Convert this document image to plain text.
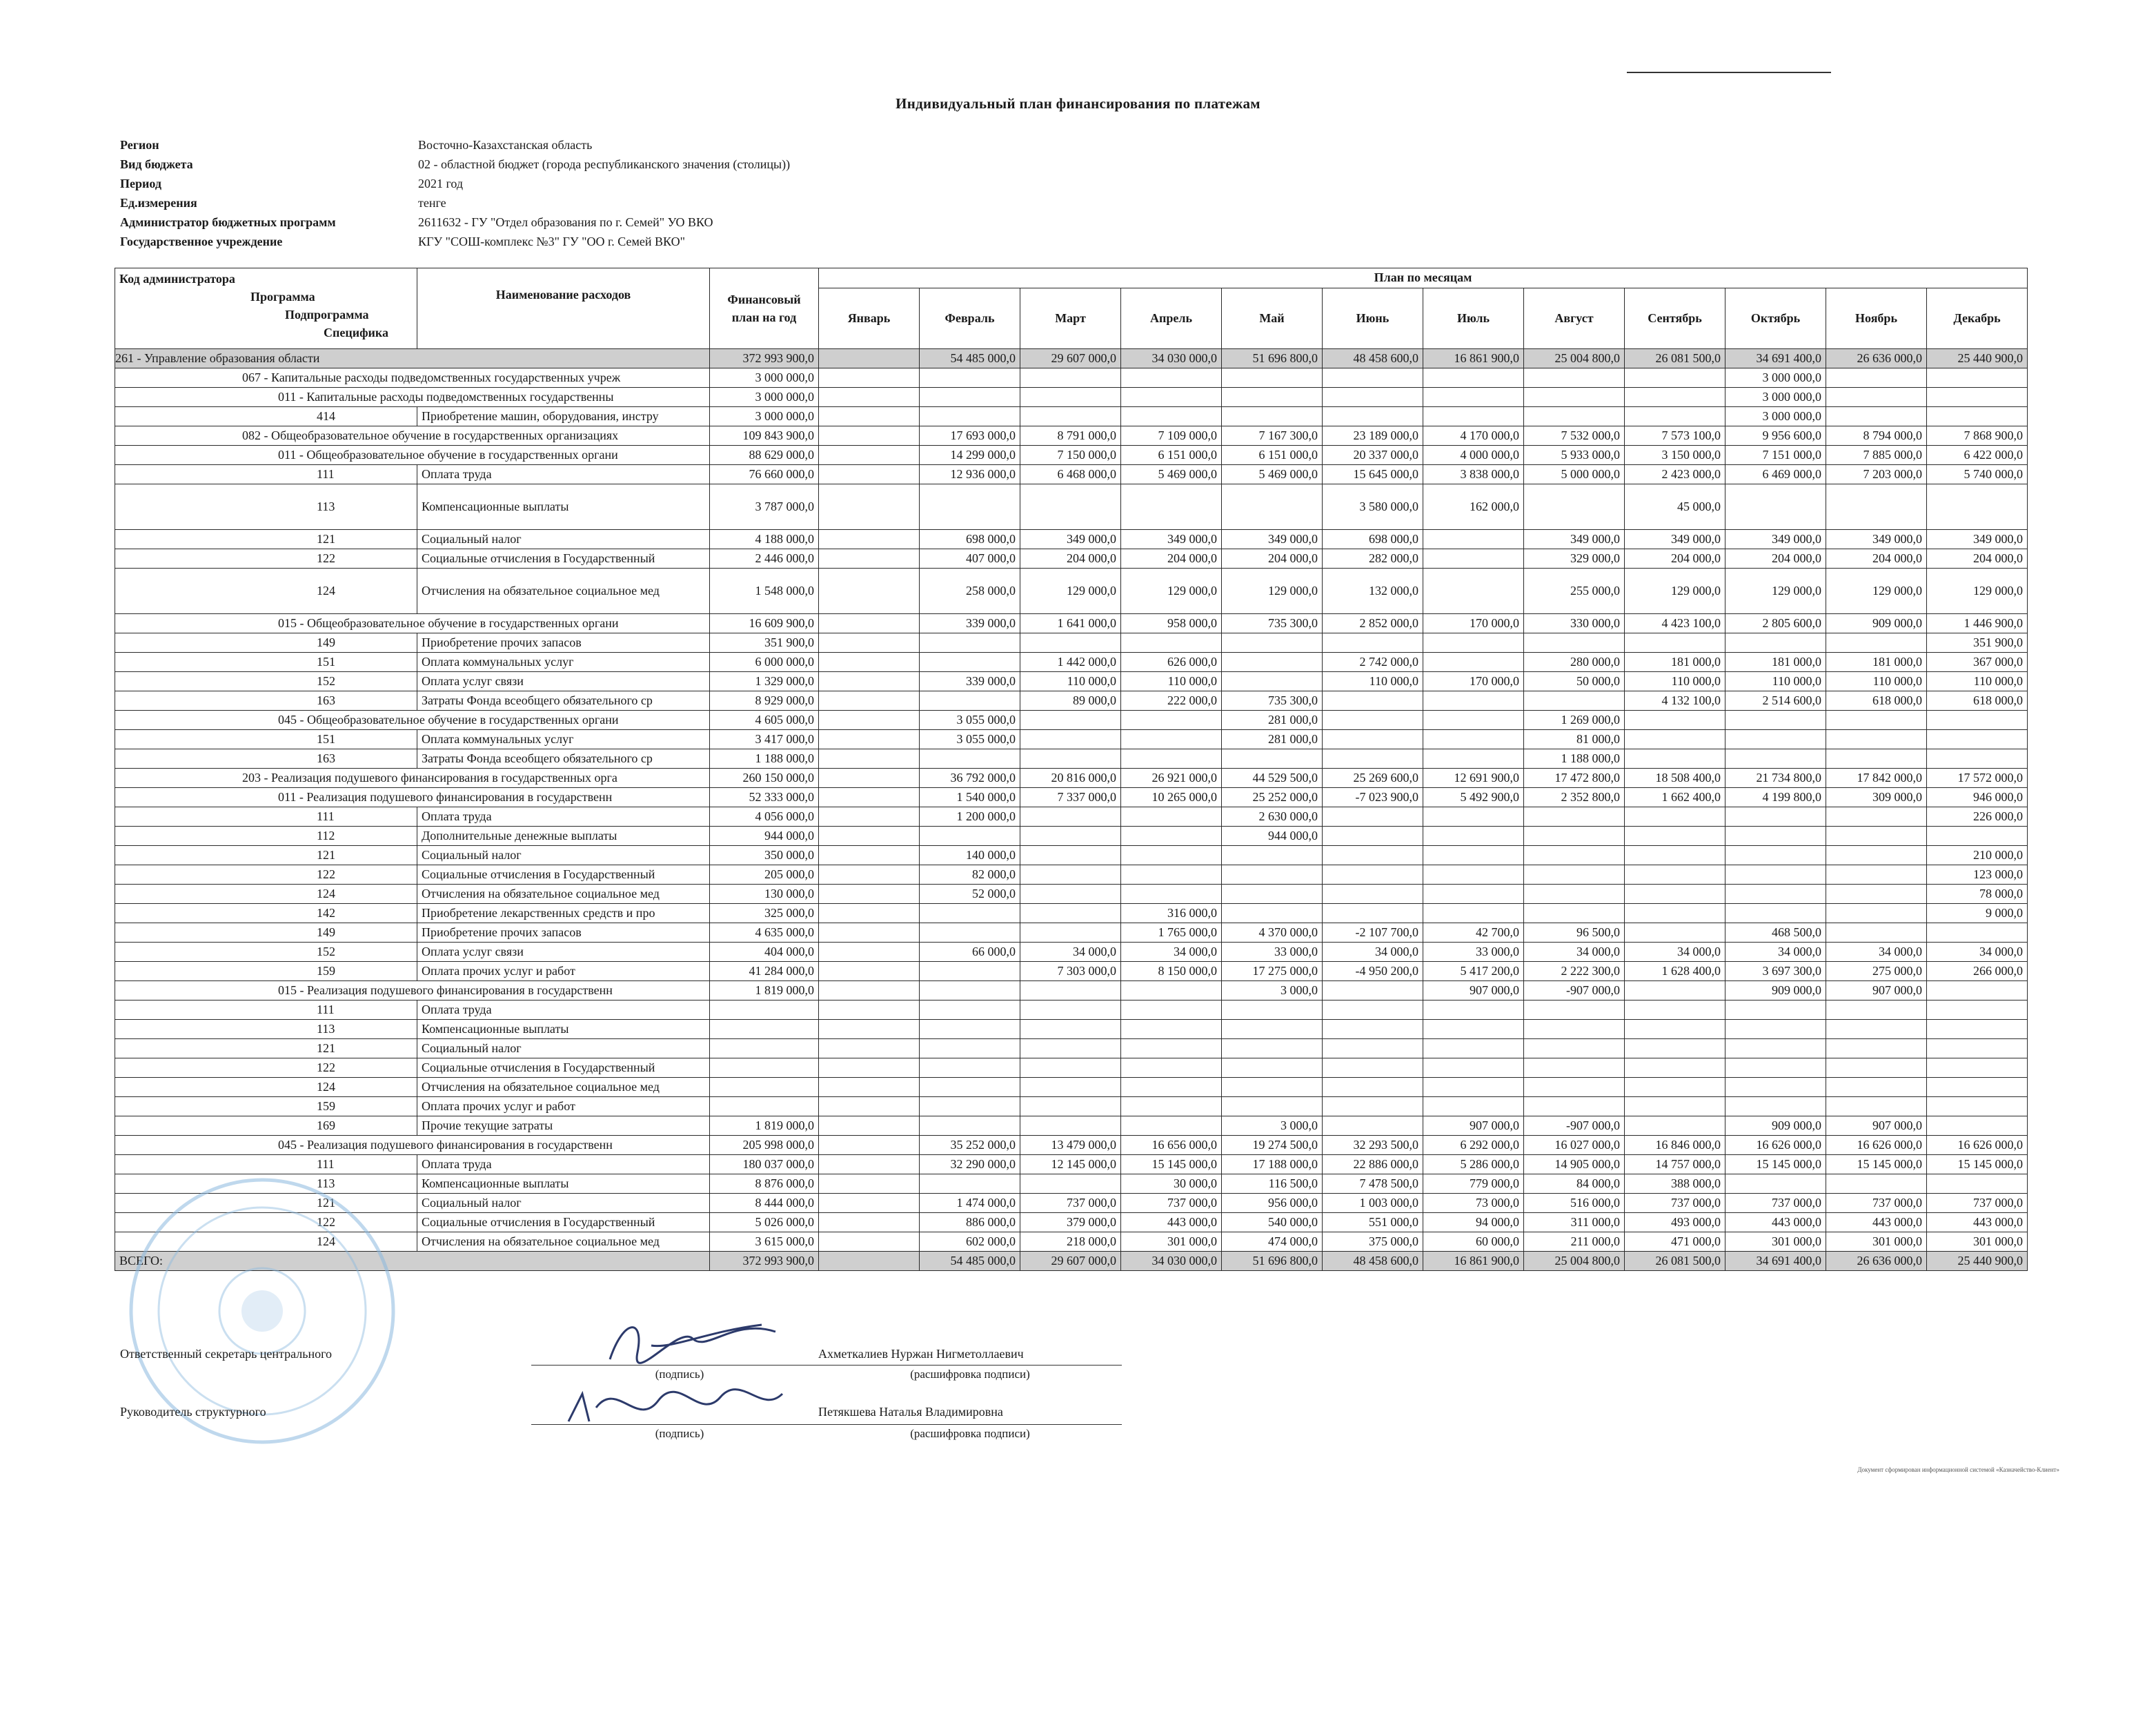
Индивидуальный план финансирования по платежам
Регион	Восточно-Казахстанская область
Вид бюджета	02 - областной бюджет (города республиканского значения (столицы))
Период	2021 год
Ед.измерения	тенге
Администратор бюджетных программ	2611632 - ГУ "Отдел образования по г. Семей" УО ВКО
Государственное учреждение	КГУ "СОШ-комплекс №3" ГУ "ОО г. Семей ВКО"
Код администратора
Программа
Подпрограмма
Специфика	Наименование расходов	Финансовый план на год	План по месяцам											
			Январь	Февраль	Март	Апрель	Май	Июнь	Июль	Август	Сентябрь	Октябрь	Ноябрь	Декабрь
261 - Управление образования области		372 993 900,0		54 485 000,0	29 607 000,0	34 030 000,0	51 696 800,0	48 458 600,0	16 861 900,0	25 004 800,0	26 081 500,0	34 691 400,0	26 636 000,0	25 440 900,0
067 - Капитальные расходы подведомственных государственных учреж		3 000 000,0										3 000 000,0		
011 - Капитальные расходы подведомственных государственны		3 000 000,0										3 000 000,0		
414	Приобретение машин, оборудования, инстру	3 000 000,0										3 000 000,0		
082 - Общеобразовательное обучение в государственных организациях		109 843 900,0		17 693 000,0	8 791 000,0	7 109 000,0	7 167 300,0	23 189 000,0	4 170 000,0	7 532 000,0	7 573 100,0	9 956 600,0	8 794 000,0	7 868 900,0
011 - Общеобразовательное обучение в государственных органи		88 629 000,0		14 299 000,0	7 150 000,0	6 151 000,0	6 151 000,0	20 337 000,0	4 000 000,0	5 933 000,0	3 150 000,0	7 151 000,0	7 885 000,0	6 422 000,0
111	Оплата труда	76 660 000,0		12 936 000,0	6 468 000,0	5 469 000,0	5 469 000,0	15 645 000,0	3 838 000,0	5 000 000,0	2 423 000,0	6 469 000,0	7 203 000,0	5 740 000,0
113	Компенсационные выплаты	3 787 000,0						3 580 000,0	162 000,0		45 000,0			
121	Социальный налог	4 188 000,0		698 000,0	349 000,0	349 000,0	349 000,0	698 000,0		349 000,0	349 000,0	349 000,0	349 000,0	349 000,0
122	Социальные отчисления в Государственный	2 446 000,0		407 000,0	204 000,0	204 000,0	204 000,0	282 000,0		329 000,0	204 000,0	204 000,0	204 000,0	204 000,0
124	Отчисления на обязательное социальное мед	1 548 000,0		258 000,0	129 000,0	129 000,0	129 000,0	132 000,0		255 000,0	129 000,0	129 000,0	129 000,0	129 000,0
015 - Общеобразовательное обучение в государственных органи		16 609 900,0		339 000,0	1 641 000,0	958 000,0	735 300,0	2 852 000,0	170 000,0	330 000,0	4 423 100,0	2 805 600,0	909 000,0	1 446 900,0
149	Приобретение прочих запасов	351 900,0												351 900,0
151	Оплата коммунальных услуг	6 000 000,0			1 442 000,0	626 000,0		2 742 000,0		280 000,0	181 000,0	181 000,0	181 000,0	367 000,0
152	Оплата услуг связи	1 329 000,0		339 000,0	110 000,0	110 000,0		110 000,0	170 000,0	50 000,0	110 000,0	110 000,0	110 000,0	110 000,0
163	Затраты Фонда всеобщего обязательного ср	8 929 000,0			89 000,0	222 000,0	735 300,0				4 132 100,0	2 514 600,0	618 000,0	618 000,0
045 - Общеобразовательное обучение в государственных органи		4 605 000,0		3 055 000,0			281 000,0			1 269 000,0				
151	Оплата коммунальных услуг	3 417 000,0		3 055 000,0			281 000,0			81 000,0				
163	Затраты Фонда всеобщего обязательного ср	1 188 000,0								1 188 000,0				
203 - Реализация подушевого финансирования в государственных орга		260 150 000,0		36 792 000,0	20 816 000,0	26 921 000,0	44 529 500,0	25 269 600,0	12 691 900,0	17 472 800,0	18 508 400,0	21 734 800,0	17 842 000,0	17 572 000,0
011 - Реализация подушевого финансирования в государственн		52 333 000,0		1 540 000,0	7 337 000,0	10 265 000,0	25 252 000,0	-7 023 900,0	5 492 900,0	2 352 800,0	1 662 400,0	4 199 800,0	309 000,0	946 000,0
111	Оплата труда	4 056 000,0		1 200 000,0			2 630 000,0							226 000,0
112	Дополнительные денежные выплаты	944 000,0					944 000,0							
121	Социальный налог	350 000,0		140 000,0										210 000,0
122	Социальные отчисления в Государственный	205 000,0		82 000,0										123 000,0
124	Отчисления на обязательное социальное мед	130 000,0		52 000,0										78 000,0
142	Приобретение лекарственных средств и про	325 000,0				316 000,0								9 000,0
149	Приобретение прочих запасов	4 635 000,0				1 765 000,0	4 370 000,0	-2 107 700,0	42 700,0	96 500,0		468 500,0		
152	Оплата услуг связи	404 000,0		66 000,0	34 000,0	34 000,0	33 000,0	34 000,0	33 000,0	34 000,0	34 000,0	34 000,0	34 000,0	34 000,0
159	Оплата прочих услуг и работ	41 284 000,0			7 303 000,0	8 150 000,0	17 275 000,0	-4 950 200,0	5 417 200,0	2 222 300,0	1 628 400,0	3 697 300,0	275 000,0	266 000,0
015 - Реализация подушевого финансирования в государственн		1 819 000,0					3 000,0		907 000,0	-907 000,0		909 000,0	907 000,0	
111	Оплата труда													
113	Компенсационные выплаты													
121	Социальный налог													
122	Социальные отчисления в Государственный													
124	Отчисления на обязательное социальное мед													
159	Оплата прочих услуг и работ													
169	Прочие текущие затраты	1 819 000,0					3 000,0		907 000,0	-907 000,0		909 000,0	907 000,0	
045 - Реализация подушевого финансирования в государственн		205 998 000,0		35 252 000,0	13 479 000,0	16 656 000,0	19 274 500,0	32 293 500,0	6 292 000,0	16 027 000,0	16 846 000,0	16 626 000,0	16 626 000,0	16 626 000,0
111	Оплата труда	180 037 000,0		32 290 000,0	12 145 000,0	15 145 000,0	17 188 000,0	22 886 000,0	5 286 000,0	14 905 000,0	14 757 000,0	15 145 000,0	15 145 000,0	15 145 000,0
113	Компенсационные выплаты	8 876 000,0				30 000,0	116 500,0	7 478 500,0	779 000,0	84 000,0	388 000,0			
121	Социальный налог	8 444 000,0		1 474 000,0	737 000,0	737 000,0	956 000,0	1 003 000,0	73 000,0	516 000,0	737 000,0	737 000,0	737 000,0	737 000,0
122	Социальные отчисления в Государственный	5 026 000,0		886 000,0	379 000,0	443 000,0	540 000,0	551 000,0	94 000,0	311 000,0	493 000,0	443 000,0	443 000,0	443 000,0
124	Отчисления на обязательное социальное мед	3 615 000,0		602 000,0	218 000,0	301 000,0	474 000,0	375 000,0	60 000,0	211 000,0	471 000,0	301 000,0	301 000,0	301 000,0
ВСЕГО:		372 993 900,0		54 485 000,0	29 607 000,0	34 030 000,0	51 696 800,0	48 458 600,0	16 861 900,0	25 004 800,0	26 081 500,0	34 691 400,0	26 636 000,0	25 440 900,0
Ответственный секретарь центрального
(подпись)
Ахметкалиев Нуржан Нигметоллаевич
(расшифровка подписи)
Руководитель структурного
(подпись)
Петякшева Наталья Владимировна
(расшифровка подписи)
Документ сформирован информационной системой «Казначейство-Клиент»
